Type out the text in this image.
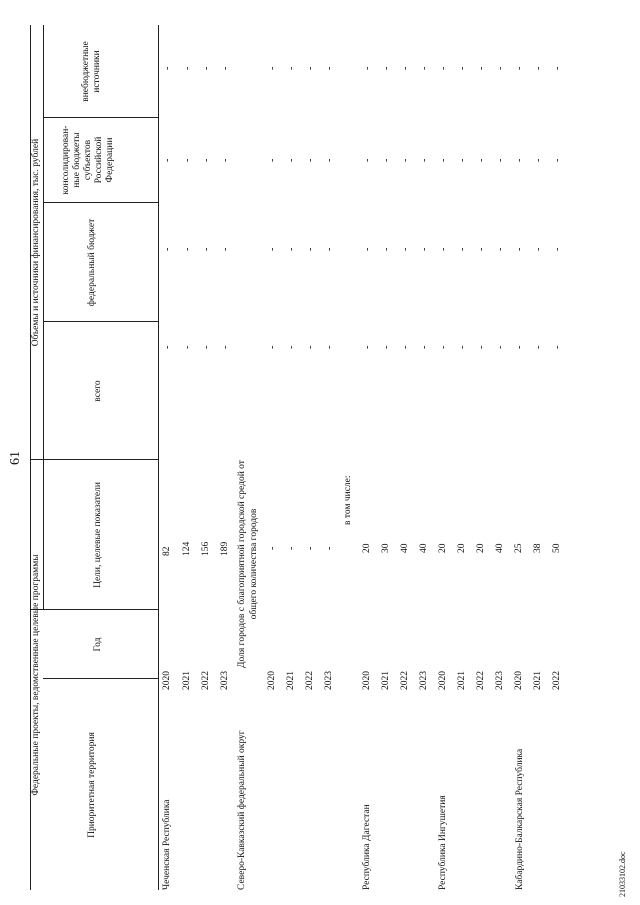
61
Федеральные проекты, ведомственные целевые программы
Объемы и источники финансирования, тыс. рублей
Приоритетная территория
Год
Цели, целевые показатели
всего
федеральный бюджет
консолидирован-ные бюджеты субъектов Российской Федерации
внебюджетные источники
Чеченская Республика
2020
82
-
-
-
-
2021
124
-
-
-
-
2022
156
-
-
-
-
2023
189
-
-
-
-
Северо-Кавказский федеральный округ
Доля городов с благоприятной городской средой от общего количества городов
2020
-
-
-
-
-
2021
-
-
-
-
-
2022
-
-
-
-
-
2023
-
-
-
-
-
в том числе:
Республика Дагестан
2020
20
-
-
-
-
2021
30
-
-
-
-
2022
40
-
-
-
-
2023
40
-
-
-
-
Республика Ингушетия
2020
20
-
-
-
-
2021
20
-
-
-
-
2022
20
-
-
-
-
2023
40
-
-
-
-
Кабардино-Балкарская Республика
2020
25
-
-
-
-
2021
38
-
-
-
-
2022
50
-
-
-
-
21033102.doc
